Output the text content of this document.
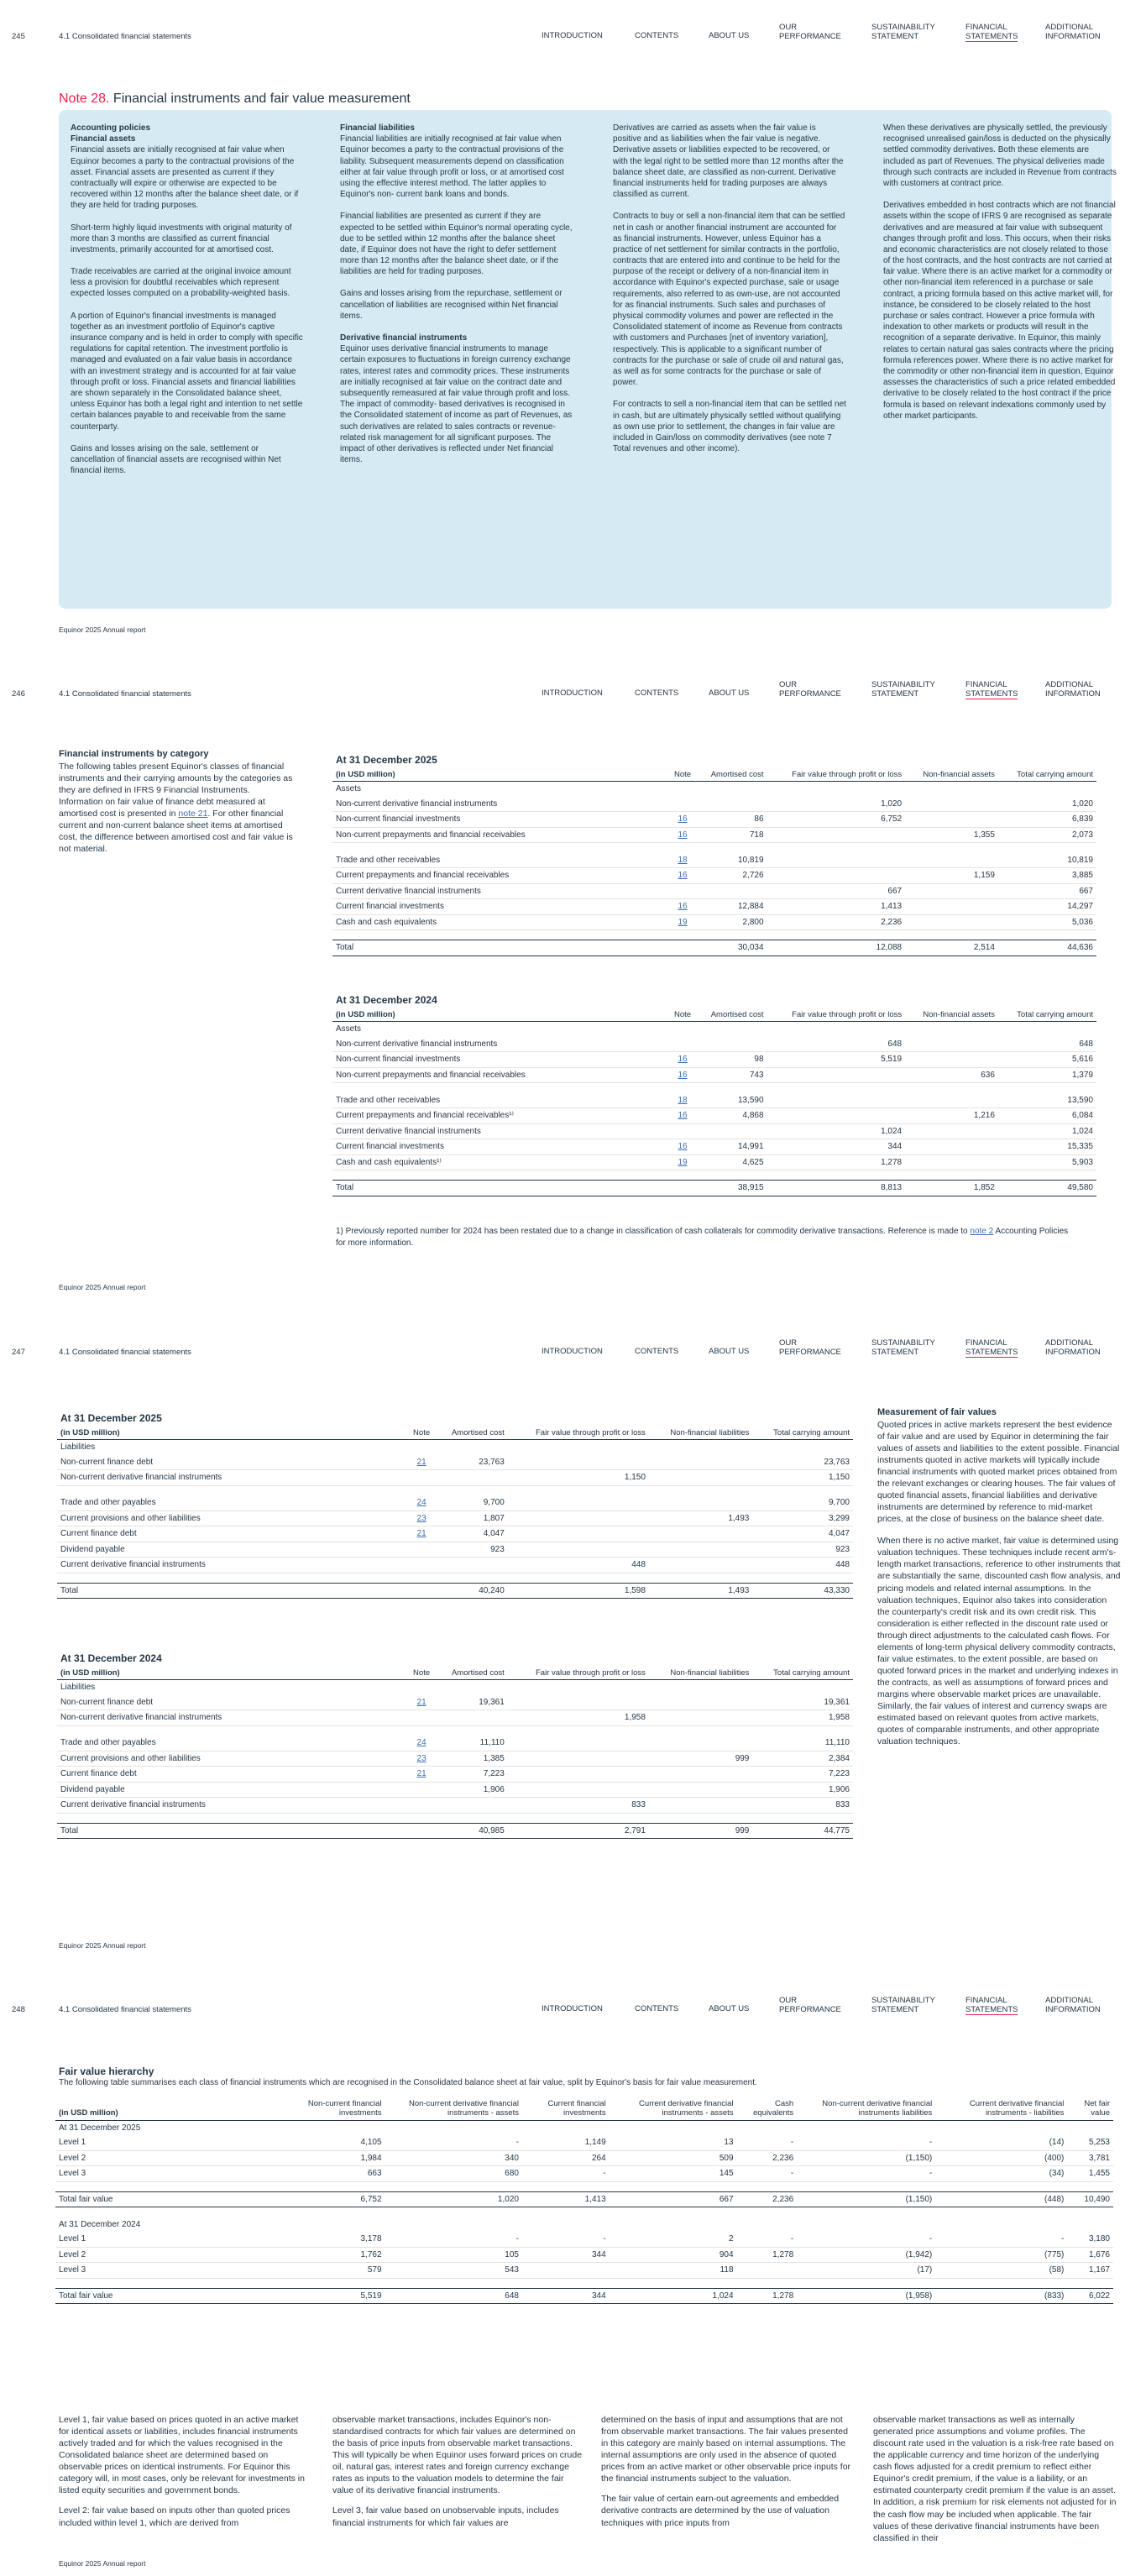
245	4.1 Consolidated financial statements	INTRODUCTION	CONTENTS	ABOUT US
OUR
PERFORMANCE
SUSTAINABILITY
STATEMENT
FINANCIAL
STATEMENTS
ADDITIONAL
INFORMATION
Note 28. Financial instruments and fair value measurement
Accounting policies
Financial assets

Financial assets are initially recognised at fair value when Equinor becomes a party to the contractual provisions of the asset. Financial assets are presented as current if they contractually will expire or otherwise are expected to be recovered within 12 months after the balance sheet date, or if they are held for trading purposes.

Short-term highly liquid investments with original maturity of more than 3 months are classified as current financial investments, primarily accounted for at amortised cost.

Trade receivables are carried at the original invoice amount less a provision for doubtful receivables which represent expected losses computed on a probability-weighted basis.

A portion of Equinor's financial investments is managed together as an investment portfolio of Equinor's captive insurance company and is held in order to comply with specific regulations for capital retention. The investment portfolio is managed and evaluated on a fair value basis in accordance with an investment strategy and is accounted for at fair value through profit or loss. Financial assets and financial liabilities are shown separately in the Consolidated balance sheet, unless Equinor has both a legal right and intention to net settle certain balances payable to and receivable from the same counterparty.

Gains and losses arising on the sale, settlement or cancellation of financial assets are recognised within Net financial items.

Financial liabilities

Financial liabilities are initially recognised at fair value when Equinor becomes a party to the contractual provisions of the liability. Subsequent measurements depend on classification either at fair value through profit or loss, or at amortised cost using the effective interest method. The latter applies to Equinor's non- current bank loans and bonds.

Financial liabilities are presented as current if they are expected to be settled within Equinor's normal operating cycle, due to be settled within 12 months after the balance sheet date, if Equinor does not have the right to defer settlement more than 12 months after the balance sheet date, or if the liabilities are held for trading purposes.

Gains and losses arising from the repurchase, settlement or cancellation of liabilities are recognised within Net financial items.

Derivative financial instruments

Equinor uses derivative financial instruments to manage certain exposures to fluctuations in foreign currency exchange rates, interest rates and commodity prices. These instruments are initially recognised at fair value on the contract date and subsequently remeasured at fair value through profit and loss. The impact of commodity- based derivatives is recognised in the Consolidated statement of income as part of Revenues, as such derivatives are related to sales contracts or revenue-related risk management for all significant purposes. The impact of other derivatives is reflected under Net financial items.

Derivatives are carried as assets when the fair value is positive and as liabilities when the fair value is negative. Derivative assets or liabilities expected to be recovered, or with the legal right to be settled more than 12 months after the balance sheet date, are classified as non-current. Derivative financial instruments held for trading purposes are always classified as current.

Contracts to buy or sell a non-financial item that can be settled net in cash or another financial instrument are accounted for as financial instruments. However, unless Equinor has a practice of net settlement for similar contracts in the portfolio, contracts that are entered into and continue to be held for the purpose of the receipt or delivery of a non-financial item in accordance with Equinor's expected purchase, sale or usage requirements, also referred to as own-use, are not accounted for as financial instruments. Such sales and purchases of physical commodity volumes and power are reflected in the Consolidated statement of income as Revenue from contracts with customers and Purchases [net of inventory variation], respectively. This is applicable to a significant number of contracts for the purchase or sale of crude oil and natural gas, as well as for some contracts for the purchase or sale of power.

For contracts to sell a non-financial item that can be settled net in cash, but are ultimately physically settled without qualifying as own use prior to settlement, the changes in fair value are included in Gain/loss on commodity derivatives (see note 7 Total revenues and other income).

When these derivatives are physically settled, the previously recognised unrealised gain/loss is deducted on the physically settled commodity derivatives. Both these elements are included as part of Revenues. The physical deliveries made through such contracts are included in Revenue from contracts with customers at contract price.

Derivatives embedded in host contracts which are not financial assets within the scope of IFRS 9 are recognised as separate derivatives and are measured at fair value with subsequent changes through profit and loss. This occurs, when their risks and economic characteristics are not closely related to those of the host contracts, and the host contracts are not carried at fair value. Where there is an active market for a commodity or other non-financial item referenced in a purchase or sale contract, a pricing formula based on this active market will, for instance, be considered to be closely related to the host purchase or sales contract. However a price formula with indexation to other markets or products will result in the recognition of a separate derivative. In Equinor, this mainly relates to certain natural gas sales contracts where the pricing formula references power. Where there is no active market for the commodity or other non-financial item in question, Equinor assesses the characteristics of such a price related embedded derivative to be closely related to the host contract if the price formula is based on relevant indexations commonly used by other market participants.

Equinor 2025 Annual report
246	4.1 Consolidated financial statements	INTRODUCTION	CONTENTS	ABOUT US
OUR
PERFORMANCE
SUSTAINABILITY
STATEMENT
FINANCIAL
STATEMENTS
ADDITIONAL
INFORMATION
Financial instruments by category

The following tables present Equinor's classes of financial instruments and their carrying amounts by the categories as they are defined in IFRS 9 Financial Instruments. Information on fair value of finance debt measured at amortised cost is presented in note 21. For other financial current and non-current balance sheet items at amortised cost, the difference between amortised cost and fair value is not material.

At 31 December 2025
(in USD million)	Note	Amortised cost	Fair value through profit or loss	Non-financial assets	Total carrying amount
Assets					
Non-current derivative financial instruments			1,020		1,020
Non-current financial investments	16	86	6,752		6,839
Non-current prepayments and financial receivables	16	718		1,355	2,073

Trade and other receivables	18	10,819			10,819
Current prepayments and financial receivables	16	2,726		1,159	3,885
Current derivative financial instruments			667		667
Current financial investments	16	12,884	1,413		14,297
Cash and cash equivalents	19	2,800	2,236		5,036

Total		30,034	12,088	2,514	44,636
At 31 December 2024
(in USD million)	Note	Amortised cost	Fair value through profit or loss	Non-financial assets	Total carrying amount
Assets					
Non-current derivative financial instruments			648		648
Non-current financial investments	16	98	5,519		5,616
Non-current prepayments and financial receivables	16	743		636	1,379

Trade and other receivables	18	13,590			13,590
Current prepayments and financial receivables¹⁾	16	4,868		1,216	6,084
Current derivative financial instruments			1,024		1,024
Current financial investments	16	14,991	344		15,335
Cash and cash equivalents¹⁾	19	4,625	1,278		5,903

Total		38,915	8,813	1,852	49,580
1) Previously reported number for 2024 has been restated due to a change in classification of cash collaterals for commodity derivative transactions. Reference is made to note 2 Accounting Policies for more information.
Equinor 2025 Annual report
247	4.1 Consolidated financial statements	INTRODUCTION	CONTENTS	ABOUT US
OUR
PERFORMANCE
SUSTAINABILITY
STATEMENT
FINANCIAL
STATEMENTS
ADDITIONAL
INFORMATION
At 31 December 2025
(in USD million)	Note	Amortised cost	Fair value through profit or loss	Non-financial liabilities	Total carrying amount
Liabilities					
Non-current finance debt	21	23,763			23,763
Non-current derivative financial instruments			1,150		1,150

Trade and other payables	24	9,700			9,700
Current provisions and other liabilities	23	1,807		1,493	3,299
Current finance debt	21	4,047			4,047
Dividend payable		923			923
Current derivative financial instruments			448		448

Total		40,240	1,598	1,493	43,330
At 31 December 2024
(in USD million)	Note	Amortised cost	Fair value through profit or loss	Non-financial liabilities	Total carrying amount
Liabilities					
Non-current finance debt	21	19,361			19,361
Non-current derivative financial instruments			1,958		1,958

Trade and other payables	24	11,110			11,110
Current provisions and other liabilities	23	1,385		999	2,384
Current finance debt	21	7,223			7,223
Dividend payable		1,906			1,906
Current derivative financial instruments			833		833

Total		40,985	2,791	999	44,775
Measurement of fair values

Quoted prices in active markets represent the best evidence of fair value and are used by Equinor in determining the fair values of assets and liabilities to the extent possible. Financial instruments quoted in active markets will typically include financial instruments with quoted market prices obtained from the relevant exchanges or clearing houses. The fair values of quoted financial assets, financial liabilities and derivative instruments are determined by reference to mid-market prices, at the close of business on the balance sheet date.

When there is no active market, fair value is determined using valuation techniques. These techniques include recent arm's-length market transactions, reference to other instruments that are substantially the same, discounted cash flow analysis, and pricing models and related internal assumptions. In the valuation techniques, Equinor also takes into consideration the counterparty's credit risk and its own credit risk. This consideration is either reflected in the discount rate used or through direct adjustments to the calculated cash flows. For elements of long-term physical delivery commodity contracts, fair value estimates, to the extent possible, are based on quoted forward prices in the market and underlying indexes in the contracts, as well as assumptions of forward prices and margins where observable market prices are unavailable. Similarly, the fair values of interest and currency swaps are estimated based on relevant quotes from active markets, quotes of comparable instruments, and other appropriate valuation techniques.

Equinor 2025 Annual report
248	4.1 Consolidated financial statements	INTRODUCTION	CONTENTS	ABOUT US
OUR
PERFORMANCE
SUSTAINABILITY
STATEMENT
FINANCIAL
STATEMENTS
ADDITIONAL
INFORMATION
Fair value hierarchy
The following table summarises each class of financial instruments which are recognised in the Consolidated balance sheet at fair value, split by Equinor's basis for fair value measurement.
(in USD million)	Non-current financial investments	Non-current derivative financial instruments - assets	Current financial investments	Current derivative financial instruments - assets	Cash equivalents	Non-current derivative financial instruments liabilities	Current derivative financial instruments - liabilities	Net fair value
At 31 December 2025								
Level 1	4,105	-	1,149	13	-	-	(14)	5,253
Level 2	1,984	340	264	509	2,236	(1,150)	(400)	3,781
Level 3	663	680	-	145	-	-	(34)	1,455

Total fair value	6,752	1,020	1,413	667	2,236	(1,150)	(448)	10,490

At 31 December 2024								
Level 1	3,178	-	-	2	-	-	-	3,180
Level 2	1,762	105	344	904	1,278	(1,942)	(775)	1,676
Level 3	579	543		118		(17)	(58)	1,167

Total fair value	5,519	648	344	1,024	1,278	(1,958)	(833)	6,022
Equinor 2025 Annual report

Level 1, fair value based on prices quoted in an active market for identical assets or liabilities, includes financial instruments actively traded and for which the values recognised in the Consolidated balance sheet are determined based on observable prices on identical instruments. For Equinor this category will, in most cases, only be relevant for investments in listed equity securities and government bonds.

Level 2: fair value based on inputs other than quoted prices included within level 1, which are derived from

observable market transactions, includes Equinor's non-standardised contracts for which fair values are determined on the basis of price inputs from observable market transactions. This will typically be when Equinor uses forward prices on crude oil, natural gas, interest rates and foreign currency exchange rates as inputs to the valuation models to determine the fair value of its derivative financial instruments.

Level 3, fair value based on unobservable inputs, includes financial instruments for which fair values are

determined on the basis of input and assumptions that are not from observable market transactions. The fair values presented in this category are mainly based on internal assumptions. The internal assumptions are only used in the absence of quoted prices from an active market or other observable price inputs for the financial instruments subject to the valuation.

The fair value of certain earn-out agreements and embedded derivative contracts are determined by the use of valuation techniques with price inputs from

observable market transactions as well as internally generated price assumptions and volume profiles. The discount rate used in the valuation is a risk-free rate based on the applicable currency and time horizon of the underlying cash flows adjusted for a credit premium to reflect either Equinor's credit premium, if the value is a liability, or an estimated counterparty credit premium if the value is an asset. In addition, a risk premium for risk elements not adjusted for in the cash flow may be included when applicable. The fair values of these derivative financial instruments have been classified in their
